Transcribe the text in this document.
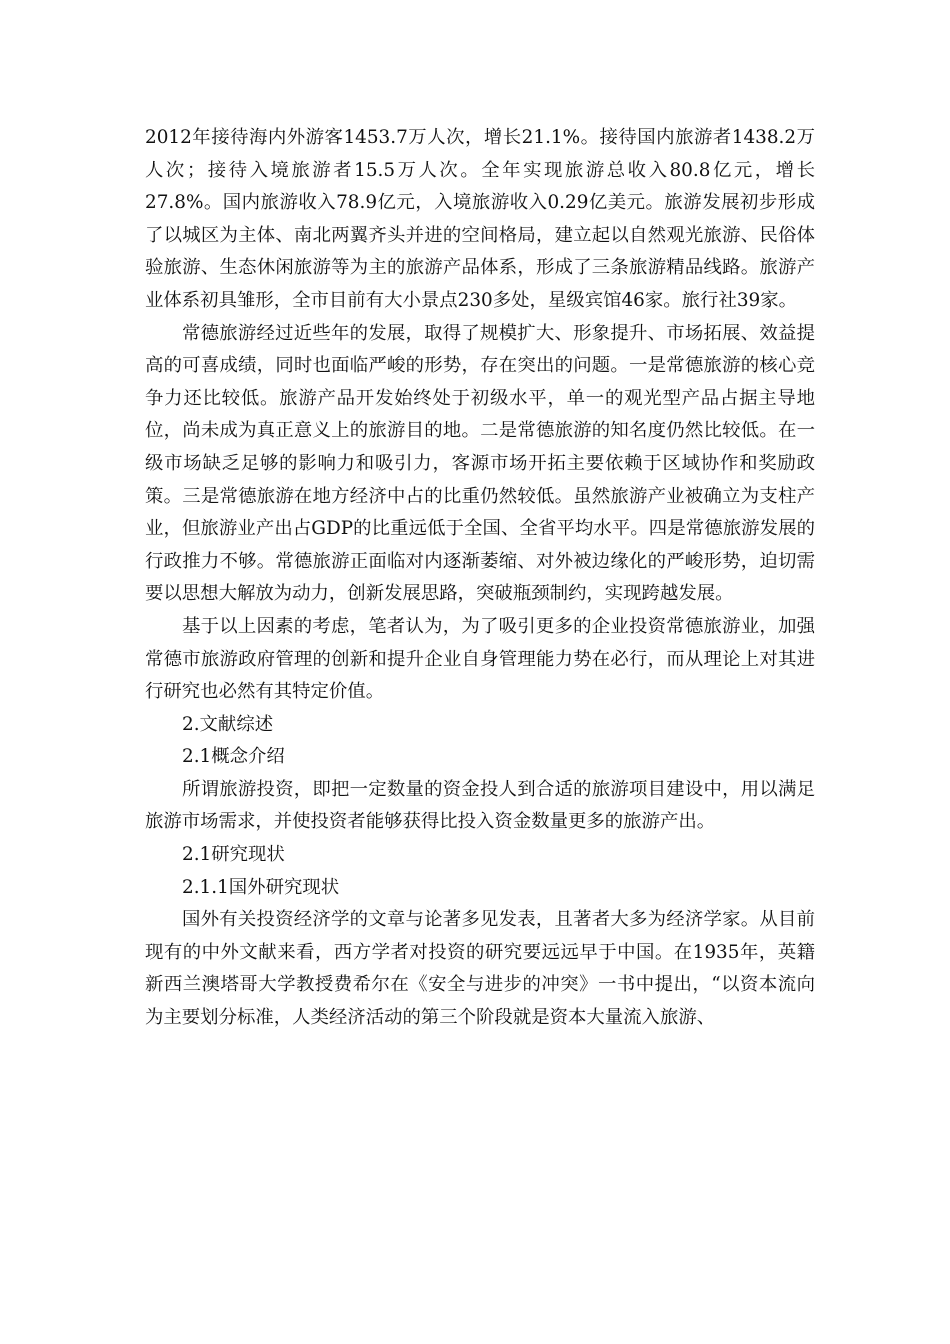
2012年接待海内外游客1453.7万人次，增长21.1%。接待国内旅游者1438.2万人次；接待入境旅游者15.5万人次。全年实现旅游总收入80.8亿元，增长27.8%。国内旅游收入78.9亿元，入境旅游收入0.29亿美元。旅游发展初步形成了以城区为主体、南北两翼齐头并进的空间格局，建立起以自然观光旅游、民俗体验旅游、生态休闲旅游等为主的旅游产品体系，形成了三条旅游精品线路。旅游产业体系初具雏形，全市目前有大小景点230多处，星级宾馆46家。旅行社39家。

常德旅游经过近些年的发展，取得了规模扩大、形象提升、市场拓展、效益提高的可喜成绩，同时也面临严峻的形势，存在突出的问题。一是常德旅游的核心竞争力还比较低。旅游产品开发始终处于初级水平，单一的观光型产品占据主导地位，尚未成为真正意义上的旅游目的地。二是常德旅游的知名度仍然比较低。在一级市场缺乏足够的影响力和吸引力，客源市场开拓主要依赖于区域协作和奖励政策。三是常德旅游在地方经济中占的比重仍然较低。虽然旅游产业被确立为支柱产业，但旅游业产出占GDP的比重远低于全国、全省平均水平。四是常德旅游发展的行政推力不够。常德旅游正面临对内逐渐萎缩、对外被边缘化的严峻形势，迫切需要以思想大解放为动力，创新发展思路，突破瓶颈制约，实现跨越发展。

基于以上因素的考虑，笔者认为，为了吸引更多的企业投资常德旅游业，加强常德市旅游政府管理的创新和提升企业自身管理能力势在必行，而从理论上对其进行研究也必然有其特定价值。

2.文献综述

2.1概念介绍

所谓旅游投资，即把一定数量的资金投人到合适的旅游项目建设中，用以满足旅游市场需求，并使投资者能够获得比投入资金数量更多的旅游产出。

2.1研究现状

2.1.1国外研究现状

国外有关投资经济学的文章与论著多见发表，且著者大多为经济学家。从目前现有的中外文献来看，西方学者对投资的研究要远远早于中国。在1935年，英籍新西兰澳塔哥大学教授费希尔在《安全与进步的冲突》一书中提出，“以资本流向为主要划分标准，人类经济活动的第三个阶段就是资本大量流入旅游、
